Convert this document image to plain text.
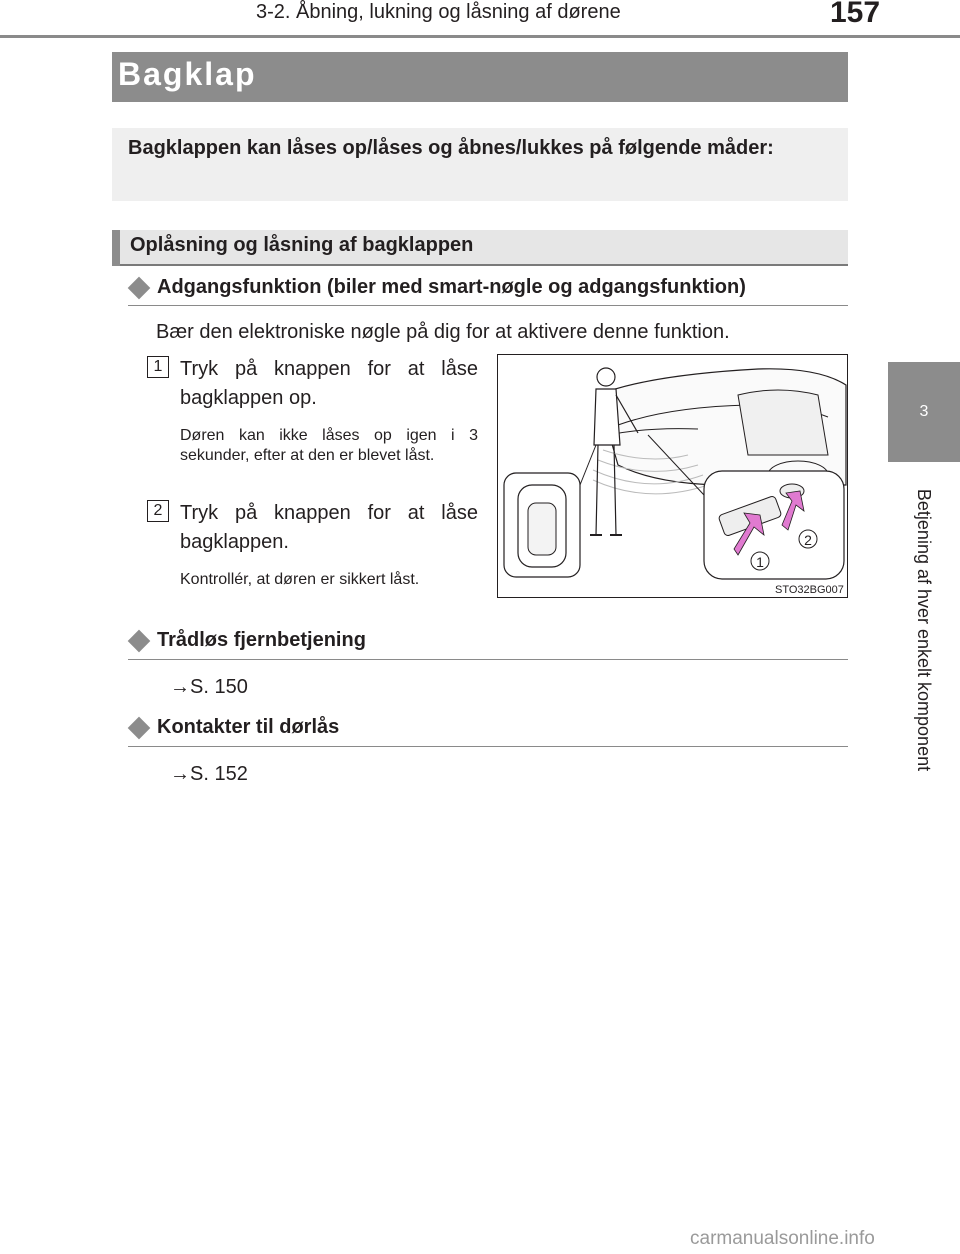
3-2. Åbning, lukning og låsning af dørene	157
3
Betjening af hver enkelt komponent
Bagklap
Bagklappen kan låses op/låses og åbnes/lukkes på følgende måder:
Oplåsning og låsning af bagklappen
Adgangsfunktion (biler med smart-nøgle og adgangsfunktion)
Bær den elektroniske nøgle på dig for at aktivere denne funktion.
1 Tryk på knappen for at låse bagklappen op.
Døren kan ikke låses op igen i 3 sekunder, efter at den er blevet låst.
2 Tryk på knappen for at låse bagklappen.
Kontrollér, at døren er sikkert låst.
1
2
STO32BG007
Trådløs fjernbetjening
→S. 150
Kontakter til dørlås
→S. 152
carmanualsonline.info
